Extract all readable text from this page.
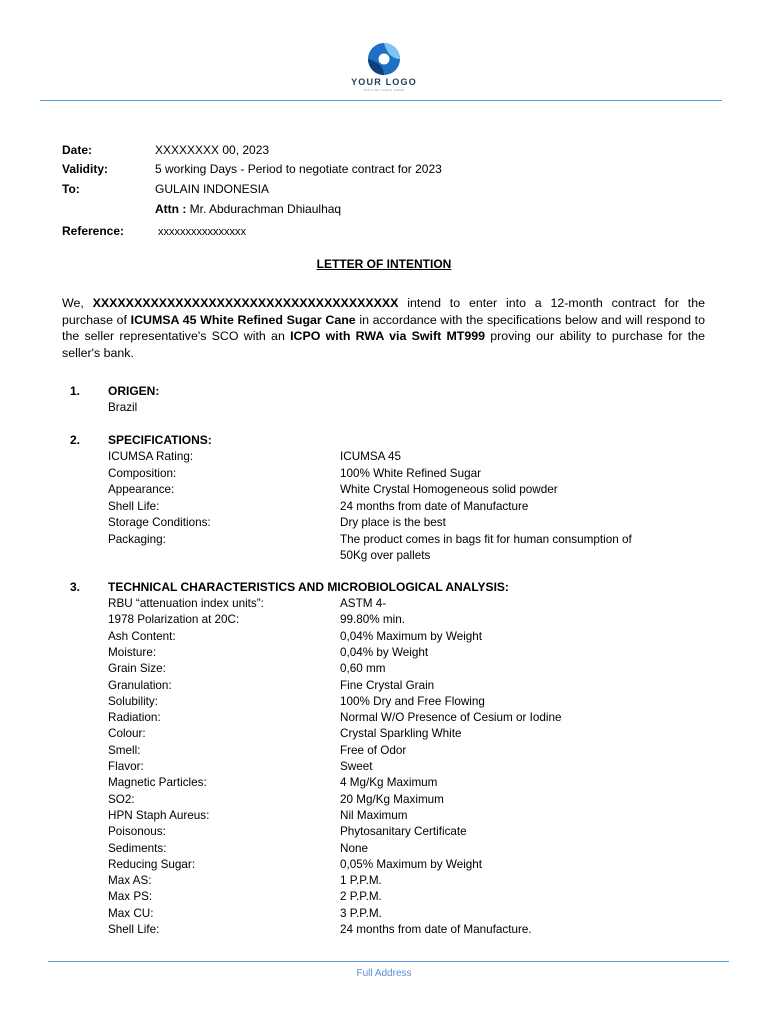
YOUR LOGO
TAGLINE GOES HERE
Date:	XXXXXXXX 00, 2023
Validity:	5 working Days - Period to negotiate contract for 2023
To:	GULAIN INDONESIA
Attn : Mr. Abdurachman Dhiaulhaq
Reference:	xxxxxxxxxxxxxxxx
LETTER OF INTENTION
We, XXXXXXXXXXXXXXXXXXXXXXXXXXXXXXXXXXXXX intend to enter into a 12-month contract for the purchase of ICUMSA 45 White Refined Sugar Cane in accordance with the specifications below and will respond to the seller representative's SCO with an ICPO with RWA via Swift MT999 proving our ability to purchase for the seller's bank.
1. ORIGEN:
Brazil
2. SPECIFICATIONS:
ICUMSA Rating:	ICUMSA 45
Composition:	100% White Refined Sugar
Appearance:	White Crystal Homogeneous solid powder
Shell Life:	24 months from date of Manufacture
Storage Conditions:	Dry place is the best
Packaging:	The product comes in bags fit for human consumption of
50Kg over pallets
3. TECHNICAL CHARACTERISTICS AND MICROBIOLOGICAL ANALYSIS:
RBU “attenuation index units”:	ASTM 4-
1978 Polarization at 20C:	99.80% min.
Ash Content:	0,04% Maximum by Weight
Moisture:	0,04% by Weight
Grain Size:	0,60 mm
Granulation:	Fine Crystal Grain
Solubility:	100% Dry and Free Flowing
Radiation:	Normal W/O Presence of Cesium or Iodine
Colour:	Crystal Sparkling White
Smell:	Free of Odor
Flavor:	Sweet
Magnetic Particles:	4 Mg/Kg Maximum
SO2:	20 Mg/Kg Maximum
HPN Staph Aureus:	Nil Maximum
Poisonous:	Phytosanitary Certificate
Sediments:	None
Reducing Sugar:	0,05% Maximum by Weight
Max AS:	1 P.P.M.
Max PS:	2 P.P.M.
Max CU:	3 P.P.M.
Shell Life:	24 months from date of Manufacture.
Full Address
